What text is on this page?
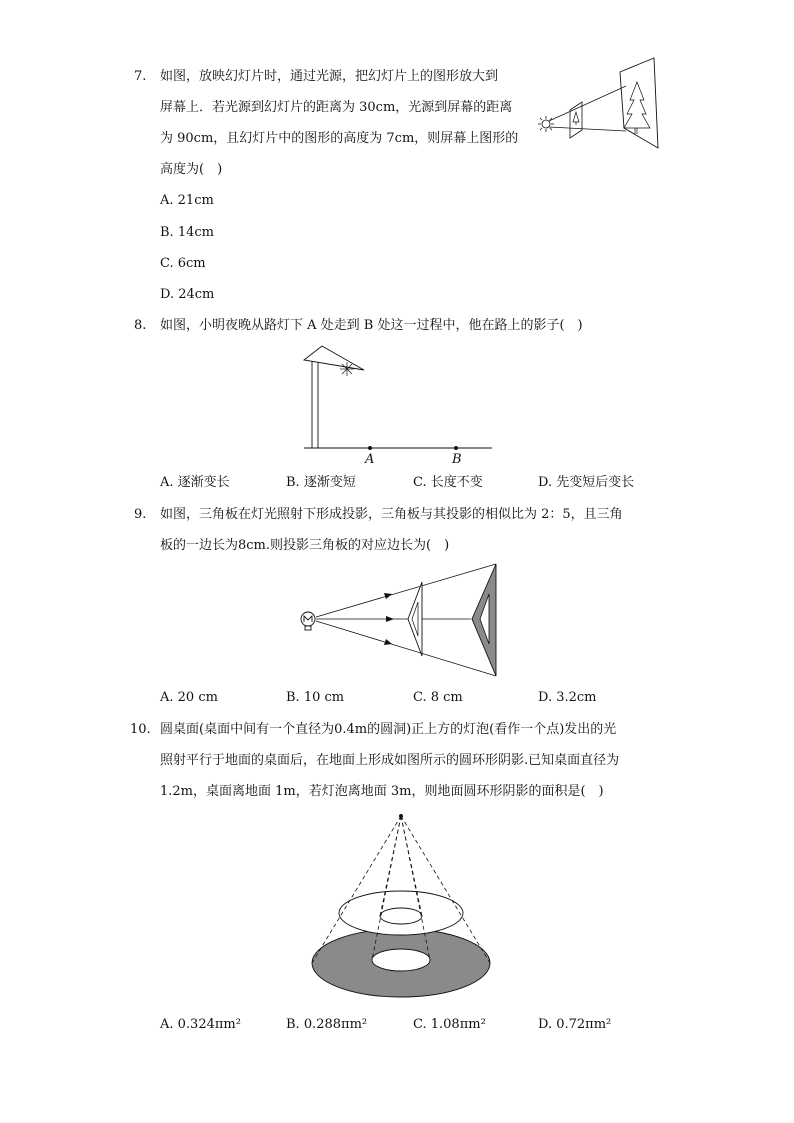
7. 如图，放映幻灯片时，通过光源，把幻灯片上的图形放大到
屏幕上．若光源到幻灯片的距离为 30cm，光源到屏幕的距离
为 90cm，且幻灯片中的图形的高度为 7cm，则屏幕上图形的
高度为(　)
A. 21cm
B. 14cm
C. 6cm
D. 24cm
8. 如图，小明夜晚从路灯下 A 处走到 B 处这一过程中，他在路上的影子(　)
A	B
A. 逐渐变长	B. 逐渐变短	C. 长度不变	D. 先变短后变长
9. 如图，三角板在灯光照射下形成投影，三角板与其投影的相似比为 2：5，且三角
板的一边长为8cm.则投影三角板的对应边长为(　)
A. 20 cm	B. 10 cm	C. 8 cm	D. 3.2cm
10. 圆桌面(桌面中间有一个直径为0.4m的圆洞)正上方的灯泡(看作一个点)发出的光
照射平行于地面的桌面后，在地面上形成如图所示的圆环形阴影.已知桌面直径为
1.2m，桌面离地面 1m，若灯泡离地面 3m，则地面圆环形阴影的面积是(　)
A. 0.324πm²	B. 0.288πm²	C. 1.08πm²	D. 0.72πm²
